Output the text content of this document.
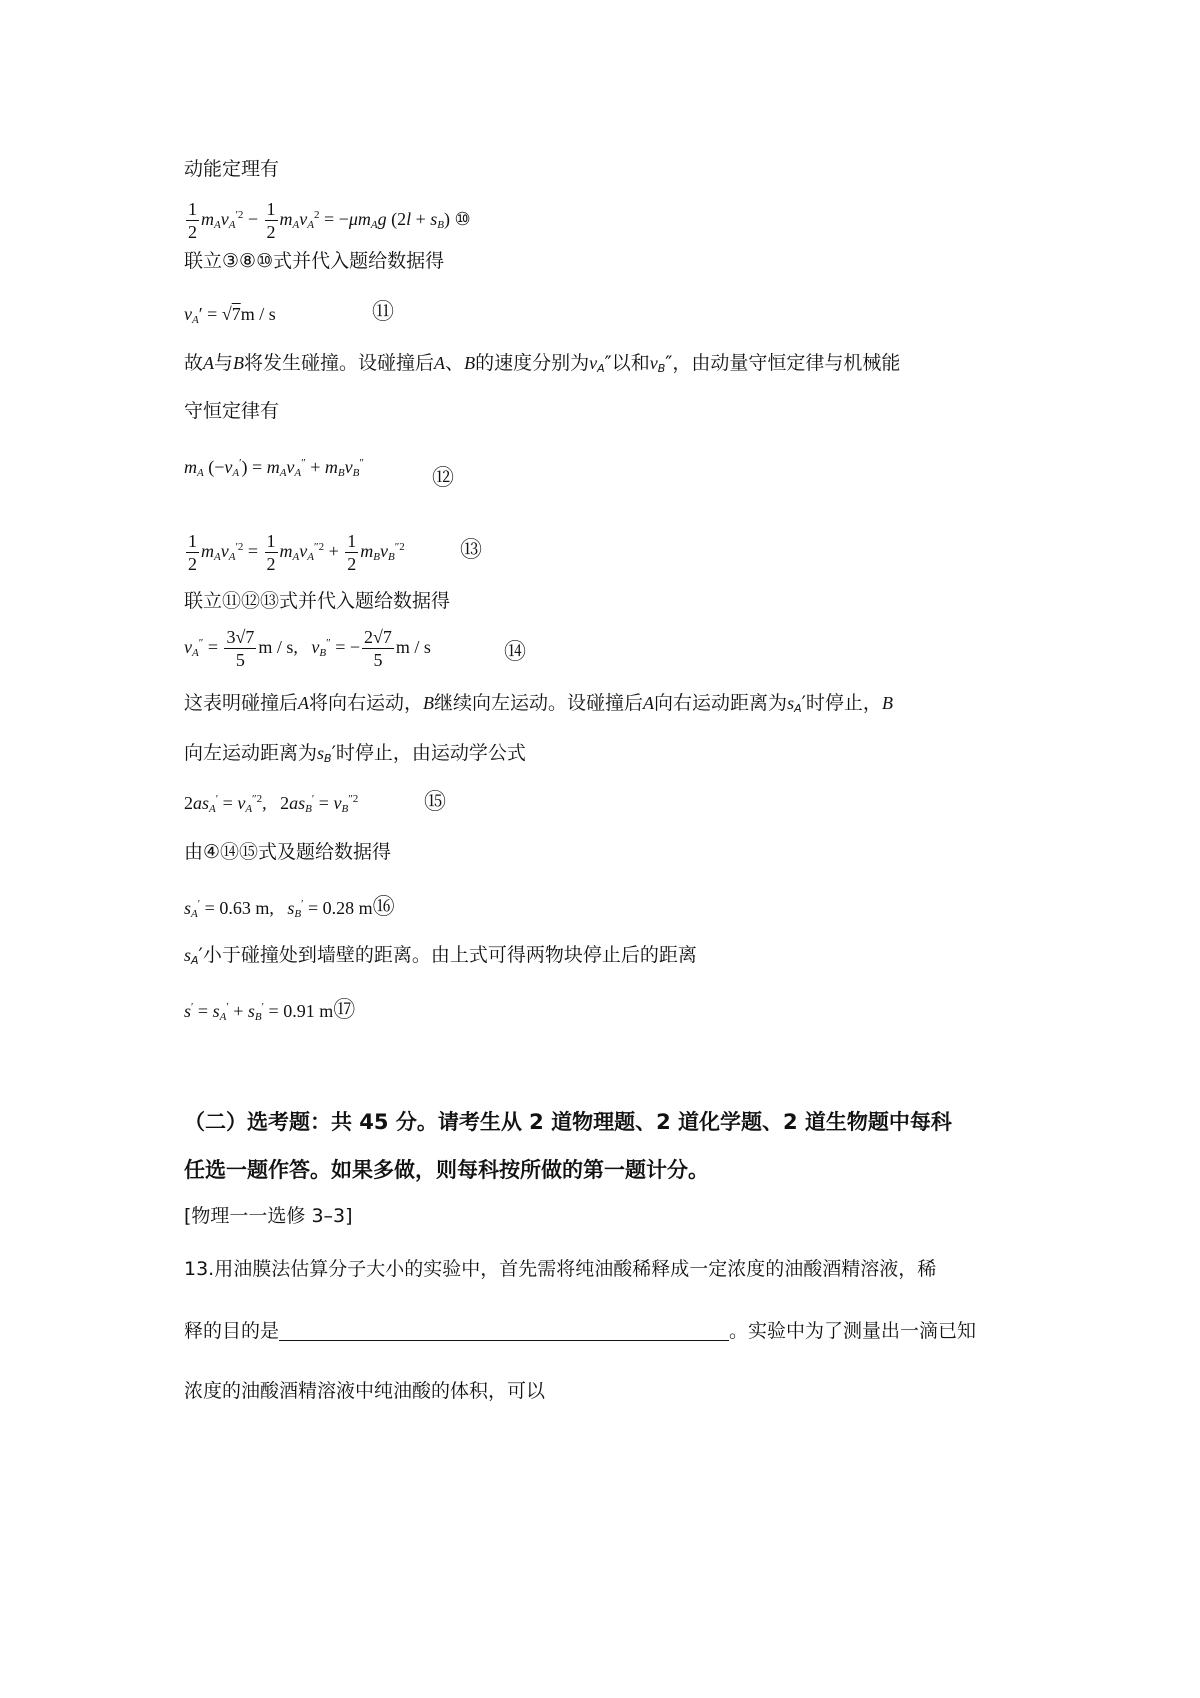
动能定理有
$\frac{1}{2} m_Av_A^{'2} - \frac{1}{2} m_Av_A^2 = -\mu m_Ag$ $(2l + s_B)$ ⑩
联立③⑧⑩式并代入题给数据得
$v_A' = √7m / s$	⑪
故A与B将发生碰撞。设碰撞后A、B的速度分别为$v_A''$以和$v_B''$，由动量守恒定律与机械能
守恒定律有
$m_A$ $(-v_A') = m_Av_A'' + m_Bv_B''$
⑫
$\frac{1}{2} m_Av_A^{'2} = \frac{1}{2} m_Av_A^{''2} + \frac{1}{2} m_Bv_B^{''2}$	⑬
联立⑪⑫⑬式并代入题给数据得
$v_A'' = \frac{3√7}{5}$ m / s,   $v_B''$ = − $\frac{2√7}{5}$ m / s	⑭
这表明碰撞后A将向右运动，B继续向左运动。设碰撞后A向右运动距离为$s_A'$时停止，B
向左运动距离为$s_B'$时停止，由运动学公式
$2as_A' = v_A^{''2}$,   $2as_B' = v_B^{''2}$	⑮
由④⑭⑮式及题给数据得
$s_A' = 0.63$ m, $s_B' = 0.28$ m⑯
$s_A'$小于碰撞处到墙壁的距离。由上式可得两物块停止后的距离
$s' = s_A' + s_B' = 0.91$ m⑰
（二）选考题：共 45 分。请考生从 2 道物理题、2 道化学题、2 道生物题中每科
任选一题作答。如果多做，则每科按所做的第一题计分。
[物理一一选修 3–3]
13.用油膜法估算分子大小的实验中，首先需将纯油酸稀释成一定浓度的油酸酒精溶液，稀
释的目的是	。实验中为了测量出一滴已知
浓度的油酸酒精溶液中纯油酸的体积，可以
